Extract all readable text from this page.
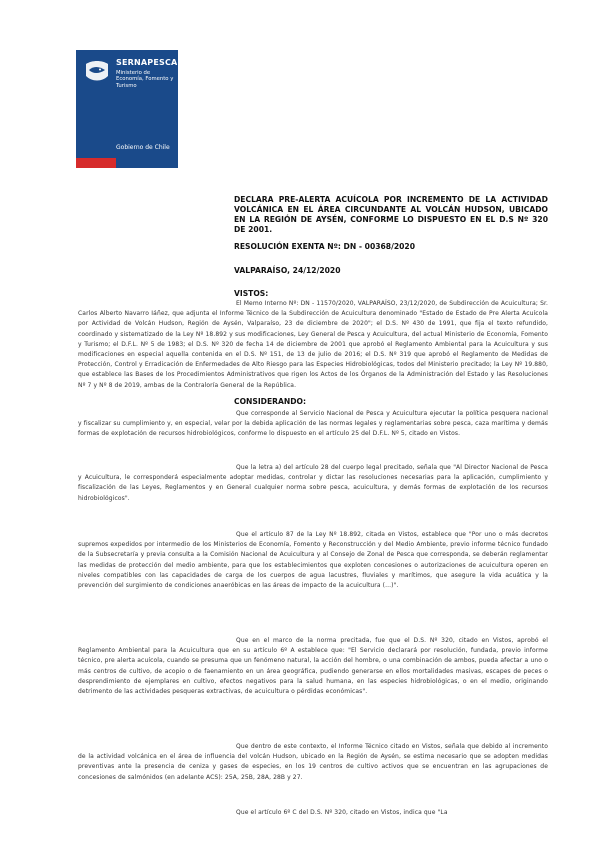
SERNAPESCA
Ministerio de Economía, Fomento y Turismo
Gobierno de Chile
DECLARA PRE-ALERTA ACUÍCOLA POR INCREMENTO DE LA ACTIVIDAD VOLCÁNICA EN EL ÁREA CIRCUNDANTE AL VOLCÁN HUDSON, UBICADO EN LA REGIÓN DE AYSÉN, CONFORME LO DISPUESTO EN EL D.S Nº 320 DE 2001.
RESOLUCIÓN EXENTA Nº: DN - 00368/2020
VALPARAÍSO, 24/12/2020
VISTOS:
El Memo Interno Nº: DN - 11570/2020, VALPARAÍSO, 23/12/2020, de Subdirección de Acuicultura; Sr. Carlos Alberto Navarro Iáñez, que adjunta el Informe Técnico de la Subdirección de Acuicultura denominado "Estado de Estado de Pre Alerta Acuícola por Actividad de Volcán Hudson, Región de Aysén, Valparaíso, 23 de diciembre de 2020"; el D.S. Nº 430 de 1991, que fija el texto refundido, coordinado y sistematizado de la Ley Nº 18.892 y sus modificaciones, Ley General de Pesca y Acuicultura, del actual Ministerio de Economía, Fomento y Turismo; el D.F.L. Nº 5 de 1983; el D.S. Nº 320 de fecha 14 de diciembre de 2001 que aprobó el Reglamento Ambiental para la Acuicultura y sus modificaciones en especial aquella contenida en el D.S. Nº 151, de 13 de julio de 2016; el D.S. Nº 319 que aprobó el Reglamento de Medidas de Protección, Control y Erradicación de Enfermedades de Alto Riesgo para las Especies Hidrobiológicas, todos del Ministerio precitado; la Ley Nº 19.880, que establece las Bases de los Procedimientos Administrativos que rigen los Actos de los Órganos de la Administración del Estado y las Resoluciones Nº 7 y Nº 8 de 2019, ambas de la Contraloría General de la República.
CONSIDERANDO:
Que corresponde al Servicio Nacional de Pesca y Acuicultura ejecutar la política pesquera nacional y fiscalizar su cumplimiento y, en especial, velar por la debida aplicación de las normas legales y reglamentarias sobre pesca, caza marítima y demás formas de explotación de recursos hidrobiológicos, conforme lo dispuesto en el artículo 25 del D.F.L. Nº 5, citado en Vistos.
Que la letra a) del artículo 28 del cuerpo legal precitado, señala que "Al Director Nacional de Pesca y Acuicultura, le corresponderá especialmente adoptar medidas, controlar y dictar las resoluciones necesarias para la aplicación, cumplimiento y fiscalización de las Leyes, Reglamentos y en General cualquier norma sobre pesca, acuicultura, y demás formas de explotación de los recursos hidrobiológicos".
Que el artículo 87 de la Ley Nº 18.892, citada en Vistos, establece que "Por uno o más decretos supremos expedidos por intermedio de los Ministerios de Economía, Fomento y Reconstrucción y del Medio Ambiente, previo informe técnico fundado de la Subsecretaría y previa consulta a la Comisión Nacional de Acuicultura y al Consejo de Zonal de Pesca que corresponda, se deberán reglamentar las medidas de protección del medio ambiente, para que los establecimientos que exploten concesiones o autorizaciones de acuicultura operen en niveles compatibles con las capacidades de carga de los cuerpos de agua lacustres, fluviales y marítimos, que asegure la vida acuática y la prevención del surgimiento de condiciones anaeróbicas en las áreas de impacto de la acuicultura (...)".
Que en el marco de la norma precitada, fue que el D.S. Nº 320, citado en Vistos, aprobó el Reglamento Ambiental para la Acuicultura que en su artículo 6º A establece que: "El Servicio declarará por resolución, fundada, previo informe técnico, pre alerta acuícola, cuando se presuma que un fenómeno natural, la acción del hombre, o una combinación de ambos, pueda afectar a uno o más centros de cultivo, de acopio o de faenamiento en un área geográfica, pudiendo generarse en ellos mortalidades masivas, escapes de peces o desprendimiento de ejemplares en cultivo, efectos negativos para la salud humana, en las especies hidrobiológicas, o en el medio, originando detrimento de las actividades pesqueras extractivas, de acuicultura o pérdidas económicas".
Que dentro de este contexto, el Informe Técnico citado en Vistos, señala que debido al incremento de la actividad volcánica en el área de influencia del volcán Hudson, ubicado en la Región de Aysén, se estima necesario que se adopten medidas preventivas ante la presencia de ceniza y gases de especies, en los 19 centros de cultivo activos que se encuentran en las agrupaciones de concesiones de salmónidos (en adelante ACS): 25A, 25B, 28A, 28B y 27.
Que el artículo 6º C del D.S. Nº 320, citado en Vistos, indica que "La
